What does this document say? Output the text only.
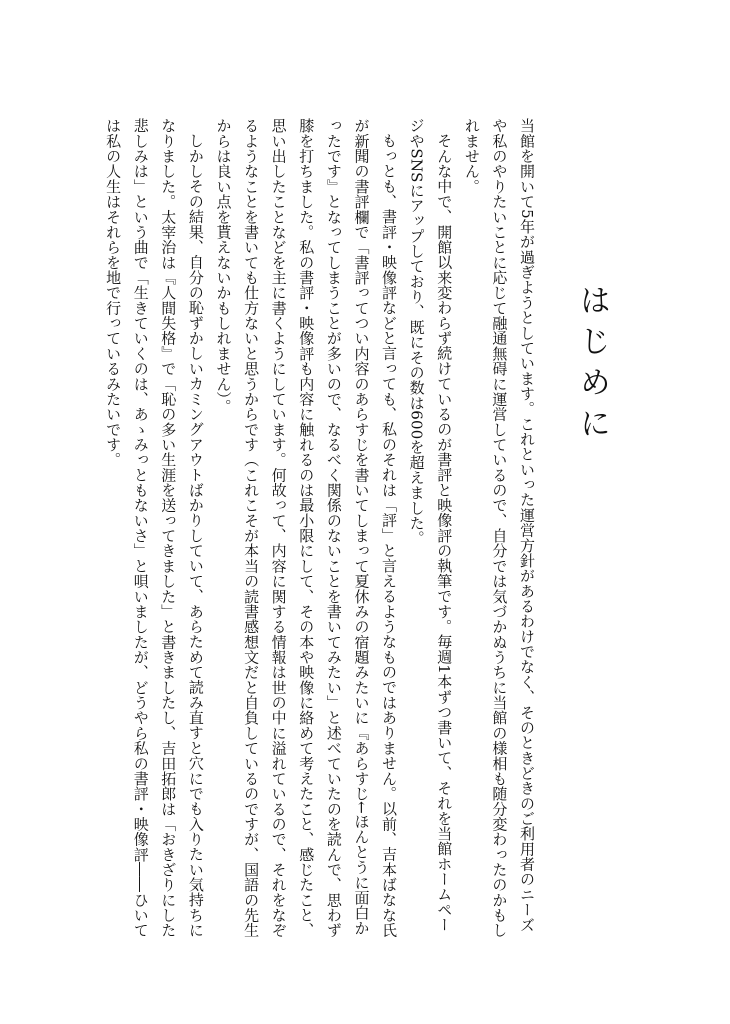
はじめに

当館を開いて5年が過ぎようとしています。これといった運営方針があるわけでなく、そのときどきのご利用者のニーズや私のやりたいことに応じて融通無碍に運営しているので、自分では気づかぬうちに当館の様相も随分変わったのかもしれません。

そんな中で、開館以来変わらず続けているのが書評と映像評の執筆です。毎週1本ずつ書いて、それを当館ホームページやSNSにアップしており、既にその数は600を超えました。

もっとも、書評・映像評などと言っても、私のそれは「評」と言えるようなものではありません。以前、吉本ばなな氏が新聞の書評欄で「書評ってつい内容のあらすじを書いてしまって夏休みの宿題みたいに『あらすじ←ほんとうに面白かったです』となってしまうことが多いので、なるべく関係のないことを書いてみたい」と述べていたのを読んで、思わず膝を打ちました。私の書評・映像評も内容に触れるのは最小限にして、その本や映像に絡めて考えたこと、感じたこと、思い出したことなどを主に書くようにしています。何故って、内容に関する情報は世の中に溢れているので、それをなぞるようなことを書いても仕方ないと思うからです（これこそが本当の読書感想文だと自負しているのですが、国語の先生からは良い点を貰えないかもしれません）。

しかしその結果、自分の恥ずかしいカミングアウトばかりしていて、あらためて読み直すと穴にでも入りたい気持ちになりました。太宰治は『人間失格』で「恥の多い生涯を送ってきました」と書きましたし、吉田拓郎は「おきざりにした悲しみは」という曲で「生きていくのは、あゝみっともないさ」と唄いましたが、どうやら私の書評・映像評――ひいては私の人生はそれらを地で行っているみたいです。
